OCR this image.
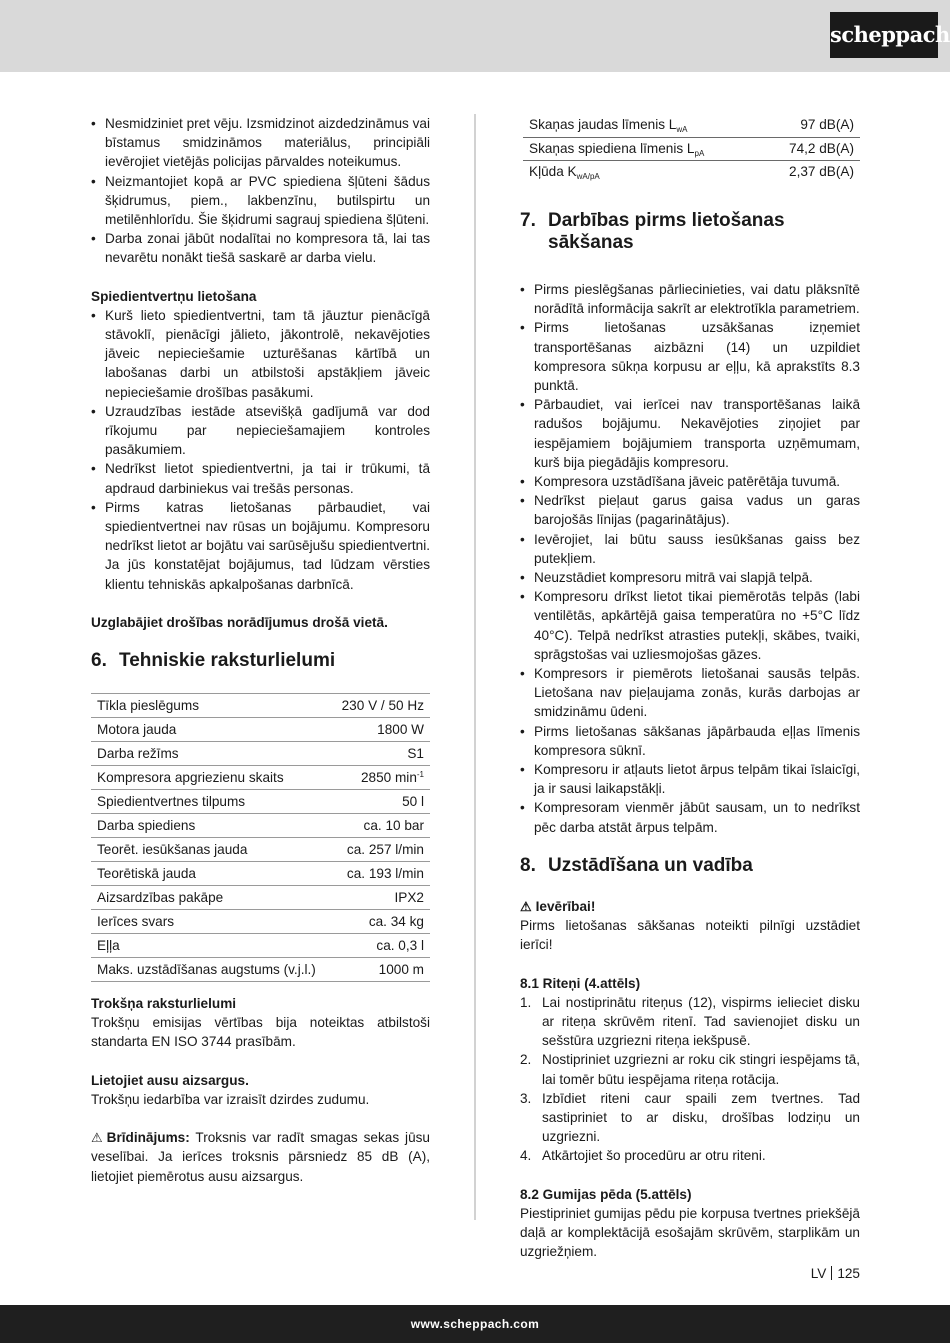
scheppach
• Nesmidziniet pret vēju. Izsmidzinot aizdedzināmus vai bīstamus smidzināmos materiālus, principiāli ievērojiet vietējās policijas pārvaldes noteikumus.
• Neizmantojiet kopā ar PVC spiediena šļūteni šādus šķidrumus, piem., lakbenzīnu, butilspirtu un metilēnhlorīdu. Šie šķidrumi sagrauj spiediena šļūteni.
• Darba zonai jābūt nodalītai no kompresora tā, lai tas nevarētu nonākt tiešā saskarē ar darba vielu.
Spiedientvertņu lietošana
• Kurš lieto spiedientvertni, tam tā jāuztur pienācīgā stāvoklī, pienācīgi jālieto, jākontrolē, nekavējoties jāveic nepieciešamie uzturēšanas kārtībā un labošanas darbi un atbilstoši apstākļiem jāveic nepieciešamie drošības pasākumi.
• Uzraudzības iestāde atsevišķā gadījumā var dod rīkojumu par nepieciešamajiem kontroles pasākumiem.
• Nedrīkst lietot spiedientvertni, ja tai ir trūkumi, tā apdraud darbiniekus vai trešās personas.
• Pirms katras lietošanas pārbaudiet, vai spiedientvertnei nav rūsas un bojājumu. Kompresoru nedrīkst lietot ar bojātu vai sarūsējušu spiedientvertni. Ja jūs konstatējat bojājumus, tad lūdzam vērsties klientu tehniskās apkalpošanas darbnīcā.
Uzglabājiet drošības norādījumus drošā vietā.
6. Tehniskie raksturlielumi
Tīkla pieslēgums	230 V / 50 Hz
Motora jauda	1800 W
Darba režīms	S1
Kompresora apgriezienu skaits	2850 $\min^{-1}$
Spiedientvertnes tilpums	50 l
Darba spiediens	ca. 10 bar
Teorēt. iesūkšanas jauda	ca. 257 l/min
Teorētiskā jauda	ca. 193 l/min
Aizsardzības pakāpe	IPX2
Ierīces svars	ca. 34 kg
Eļļa	ca. 0,3 l
Maks. uzstādīšanas augstums (v.j.l.)	1000 m
Trokšņa raksturlielumi

Trokšņu emisijas vērtības bija noteiktas atbilstoši standarta EN ISO 3744 prasībām.

Lietojiet ausu aizsargus.

Trokšņu iedarbība var izraisīt dzirdes zudumu.

⚠ Brīdinājums: Troksnis var radīt smagas sekas jūsu veselībai. Ja ierīces troksnis pārsniedz 85 dB (A), lietojiet piemērotus ausu aizsargus.

Skaņas jaudas līmenis $L_{wA}$	97 dB(A)
Skaņas spiediena līmenis $L_{pA}$	74,2 dB(A)
Kļūda $K_{wA/pA}$	2,37 dB(A)
7. Darbības pirms lietošanas sākšanas
• Pirms pieslēgšanas pārliecinieties, vai datu plāksnītē norādītā informācija sakrīt ar elektrotīkla parametriem.
• Pirms lietošanas uzsākšanas izņemiet transportēšanas aizbāzni (14) un uzpildiet kompresora sūkņa korpusu ar eļļu, kā aprakstīts 8.3 punktā.
• Pārbaudiet, vai ierīcei nav transportēšanas laikā radušos bojājumu. Nekavējoties ziņojiet par iespējamiem bojājumiem transporta uzņēmumam, kurš bija piegādājis kompresoru.
• Kompresora uzstādīšana jāveic patērētāja tuvumā.
• Nedrīkst pieļaut garus gaisa vadus un garas barojošās līnijas (pagarinātājus).
• Ievērojiet, lai būtu sauss iesūkšanas gaiss bez putekļiem.
• Neuzstādiet kompresoru mitrā vai slapjā telpā.
• Kompresoru drīkst lietot tikai piemērotās telpās (labi ventilētās, apkārtējā gaisa temperatūra no +5°C līdz 40°C). Telpā nedrīkst atrasties putekļi, skābes, tvaiki, sprāgstošas vai uzliesmojošas gāzes.
• Kompresors ir piemērots lietošanai sausās telpās. Lietošana nav pieļaujama zonās, kurās darbojas ar smidzināmu ūdeni.
• Pirms lietošanas sākšanas jāpārbauda eļļas līmenis kompresora sūknī.
• Kompresoru ir atļauts lietot ārpus telpām tikai īslaicīgi, ja ir sausi laikapstākļi.
• Kompresoram vienmēr jābūt sausam, un to nedrīkst pēc darba atstāt ārpus telpām.
8. Uzstādīšana un vadība
⚠ Ievērībai!

Pirms lietošanas sākšanas noteikti pilnīgi uzstādiet ierīci!

8.1 Riteņi (4.attēls)
1. Lai nostiprinātu riteņus (12), vispirms ielieciet disku ar riteņa skrūvēm ritenī. Tad savienojiet disku un sešstūra uzgriezni riteņa iekšpusē.
2. Nostipriniet uzgriezni ar roku cik stingri iespējams tā, lai tomēr būtu iespējama riteņa rotācija.
3. Izbīdiet riteni caur spaili zem tvertnes. Tad sastipriniet to ar disku, drošības lodziņu un uzgriezni.
4. Atkārtojiet šo procedūru ar otru riteni.
8.2 Gumijas pēda (5.attēls)

Piestipriniet gumijas pēdu pie korpusa tvertnes priekšējā daļā ar komplektācijā esošajām skrūvēm, starplikām un uzgriežņiem.

LV 125
www.scheppach.com
